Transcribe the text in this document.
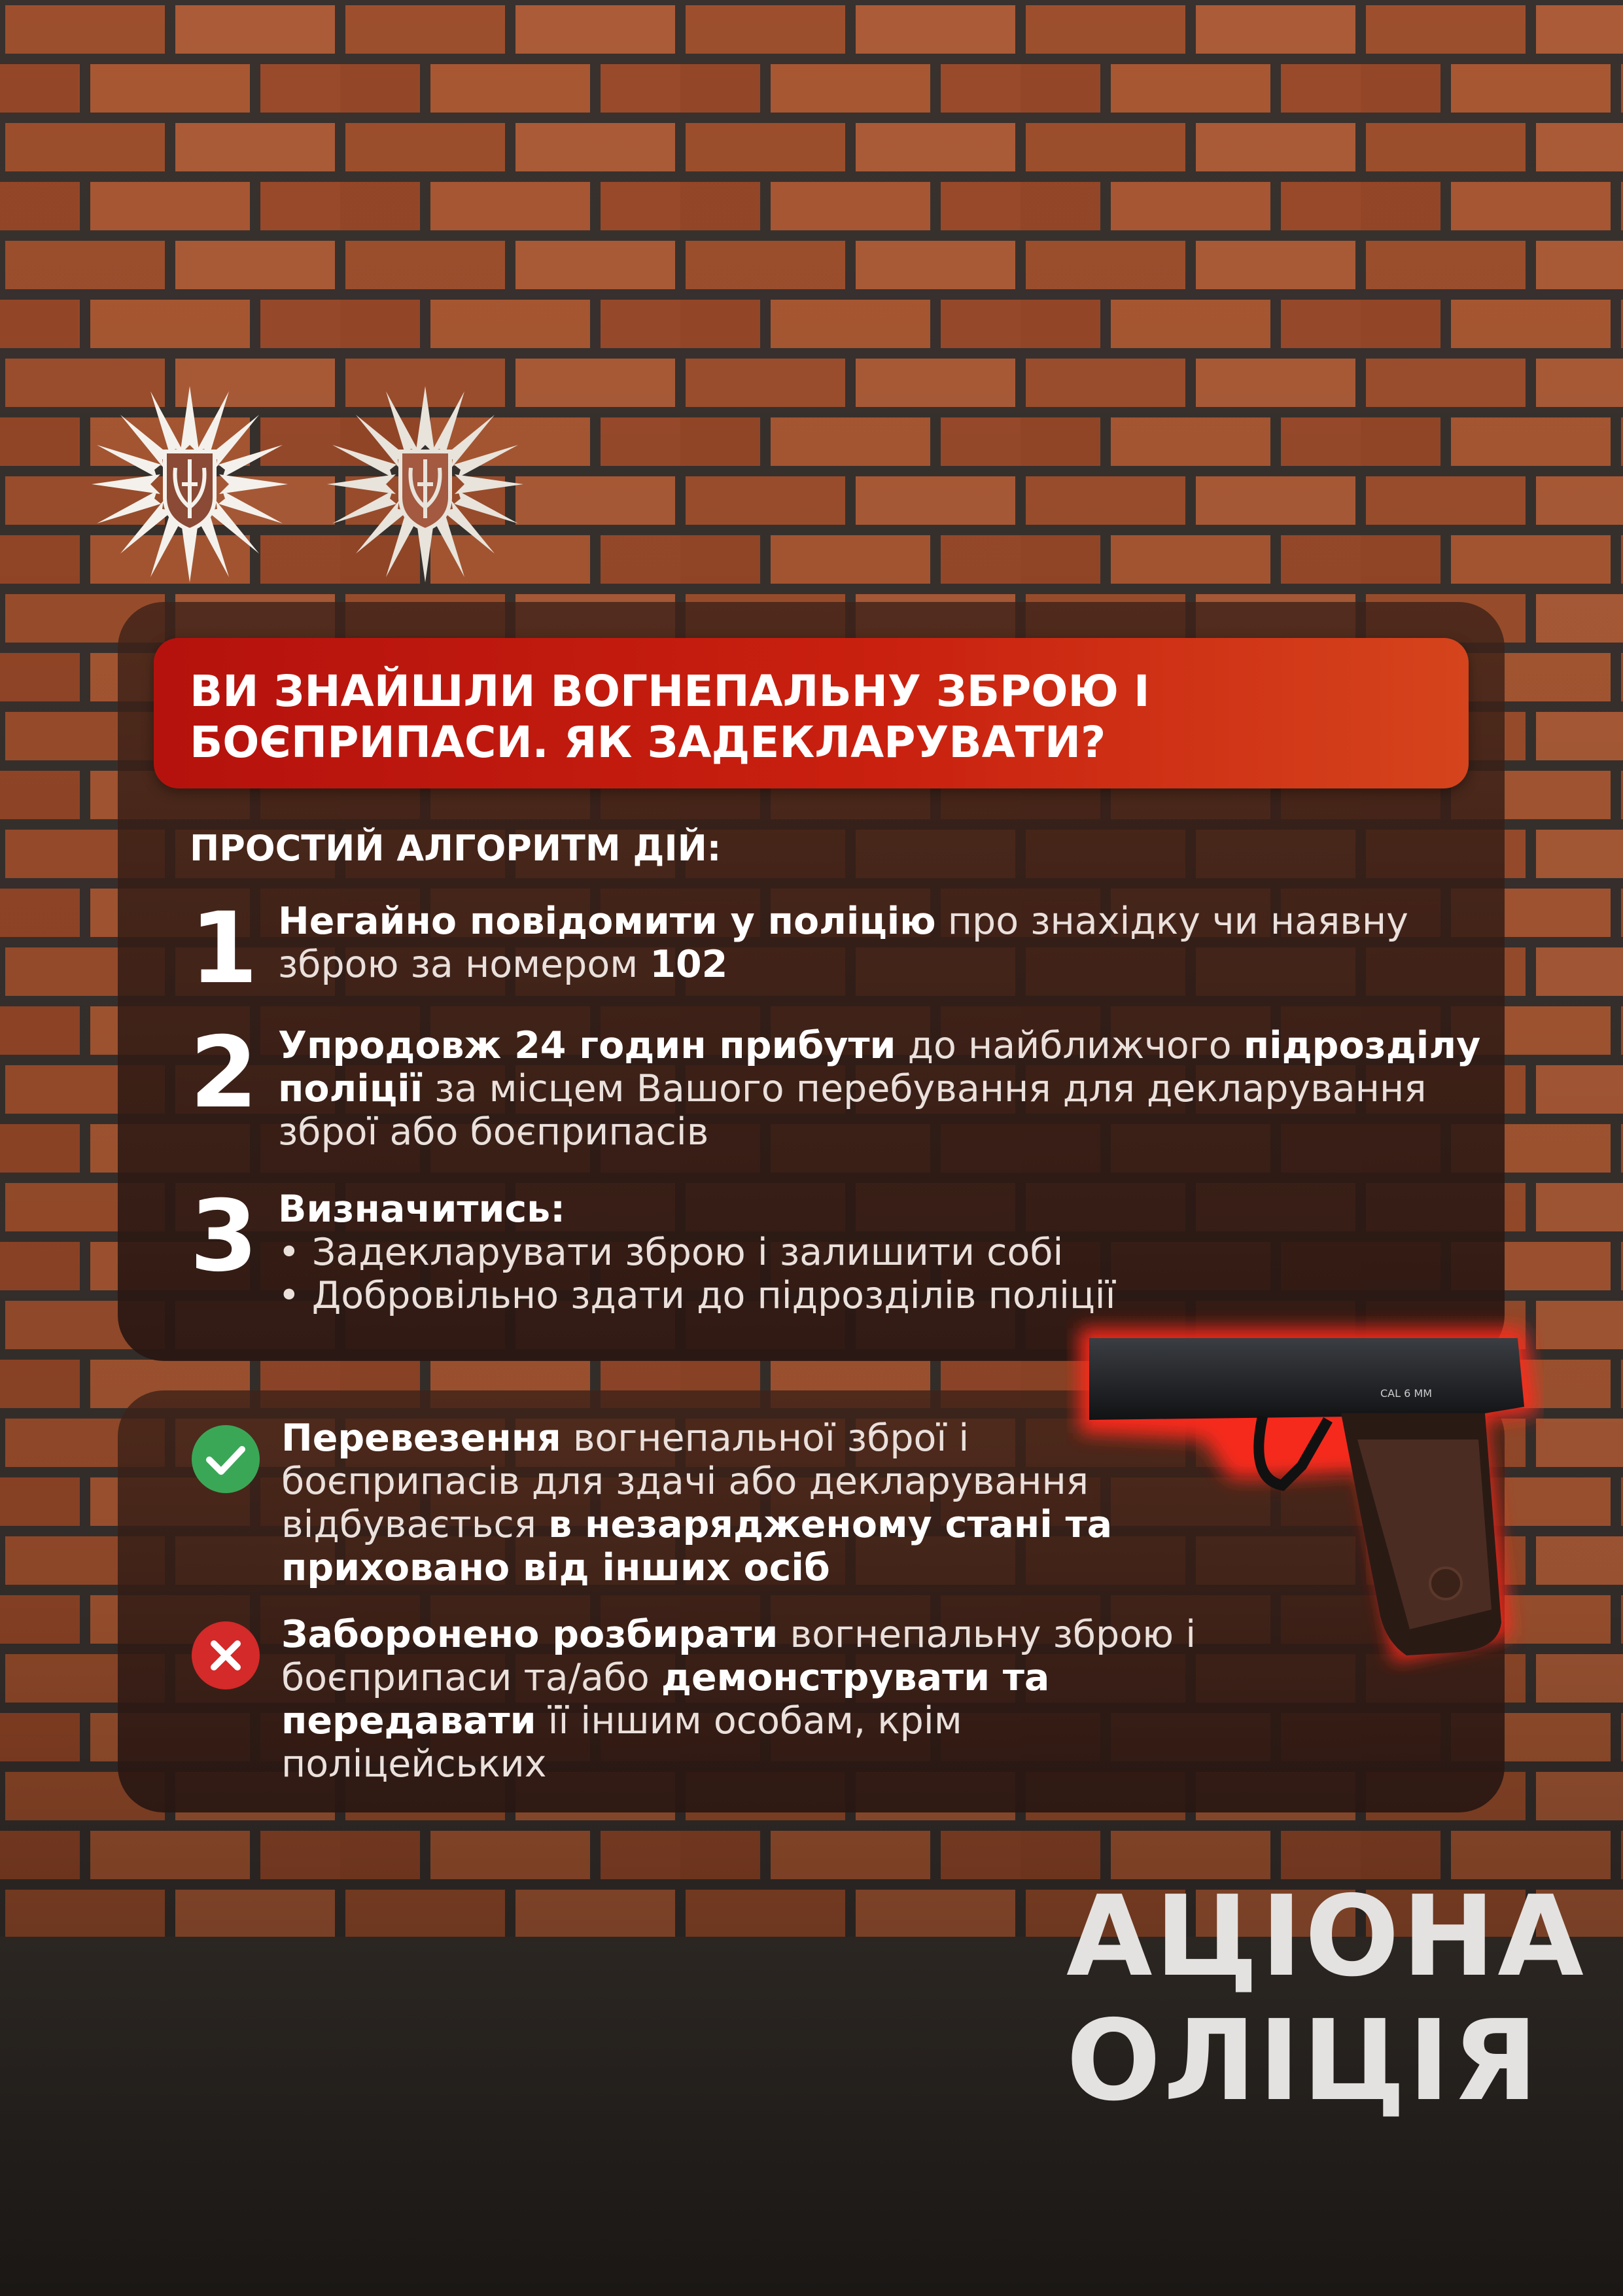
ВИ ЗНАЙШЛИ ВОГНЕПАЛЬНУ ЗБРОЮ І БОЄПРИПАСИ. ЯК ЗАДЕКЛАРУВАТИ?

ПРОСТИЙ АЛГОРИТМ ДІЙ:

1 Негайно повідомити у поліцію про знахідку чи наявну зброю за номером 102
2 Упродовж 24 годин прибути до найближчого підрозділу поліції за місцем Вашого перебування для декларування зброї або боєприпасів
3 Визначитись:
• Задекларувати зброю і залишити собі
• Добровільно здати до підрозділів поліції
Перевезення вогнепальної зброї і боєприпасів для здачі або декларування відбувається в незарядженому стані та приховано від інших осіб
Заборонено розбирати вогнепальну зброю і боєприпаси та/або демонструвати та передавати її іншим особам, крім поліцейських
CAL 6 MM
АЦІОНА
ОЛІЦІЯ
